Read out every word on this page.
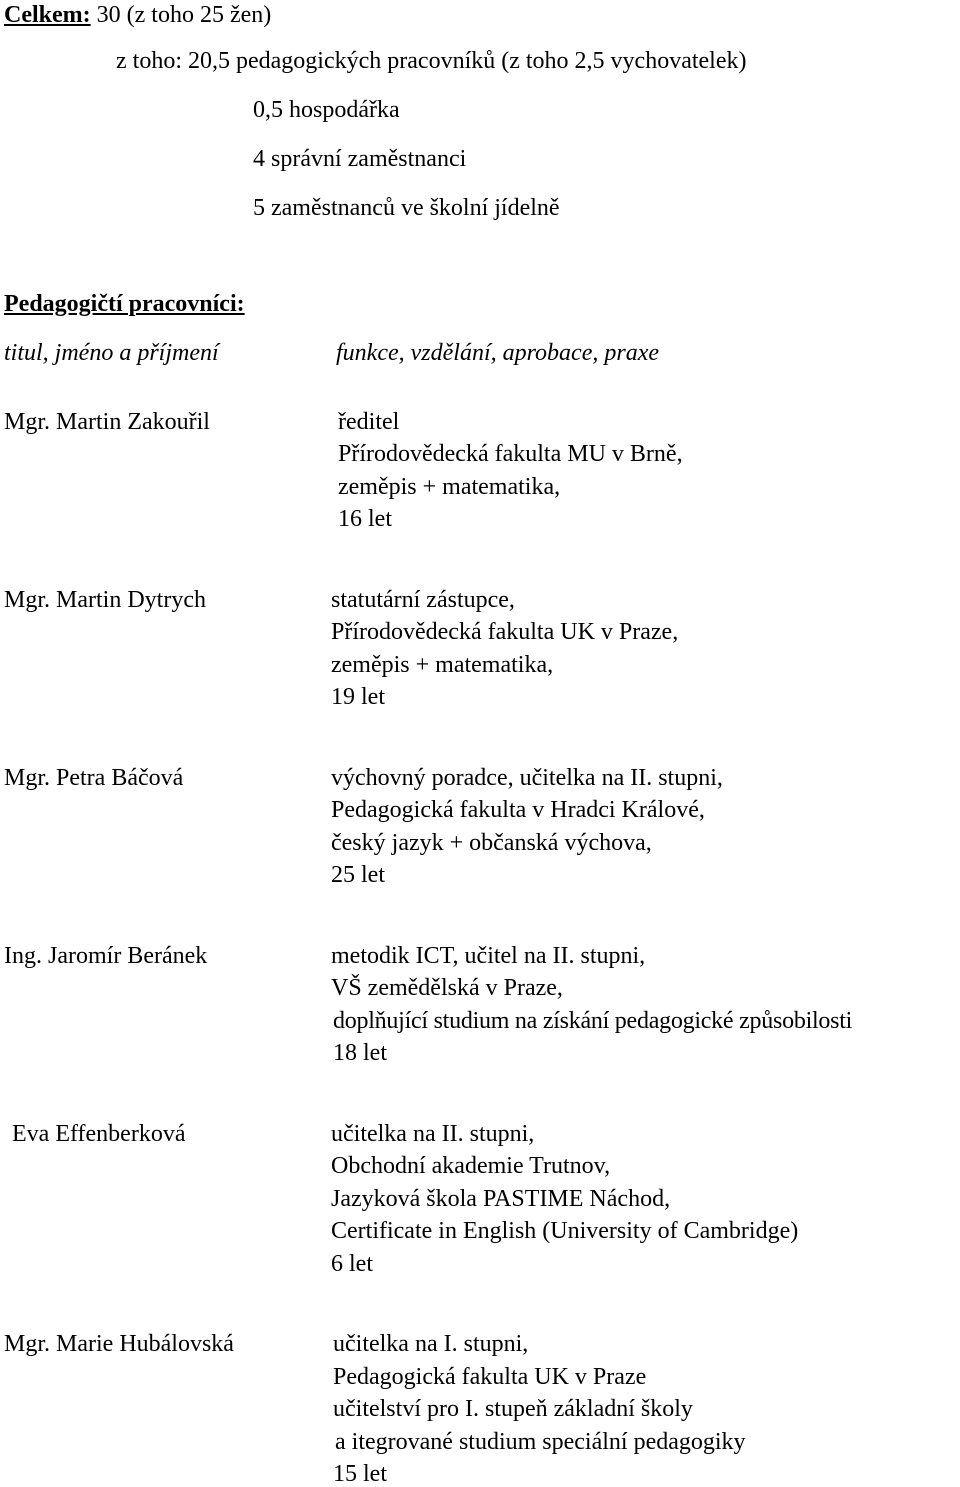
Celkem: 30 (z toho 25 žen)
z toho: 20,5 pedagogických pracovníků (z toho 2,5 vychovatelek)
0,5 hospodářka
4 správní zaměstnanci
5 zaměstnanců ve školní jídelně
Pedagogičtí pracovníci:
titul, jméno a příjmení	funkce, vzdělání, aprobace, praxe
Mgr. Martin Zakouřil	ředitel
Přírodovědecká fakulta MU v Brně,
zeměpis + matematika,
16 let
Mgr. Martin Dytrych	statutární zástupce,
Přírodovědecká fakulta UK v Praze,
zeměpis + matematika,
19 let
Mgr. Petra Báčová	výchovný poradce, učitelka na II. stupni,
Pedagogická fakulta v Hradci Králové,
český jazyk + občanská výchova,
25 let
Ing. Jaromír Beránek	metodik ICT, učitel na II. stupni,
VŠ zemědělská v Praze,
doplňující studium na získání pedagogické způsobilosti
18 let
Eva Effenberková	učitelka na II. stupni,
Obchodní akademie Trutnov,
Jazyková škola PASTIME Náchod,
Certificate in English (University of Cambridge)
6 let
Mgr. Marie Hubálovská	učitelka na I. stupni,
Pedagogická fakulta UK v Praze
učitelství pro I. stupeň základní školy
a itegrované studium speciální pedagogiky
15 let
